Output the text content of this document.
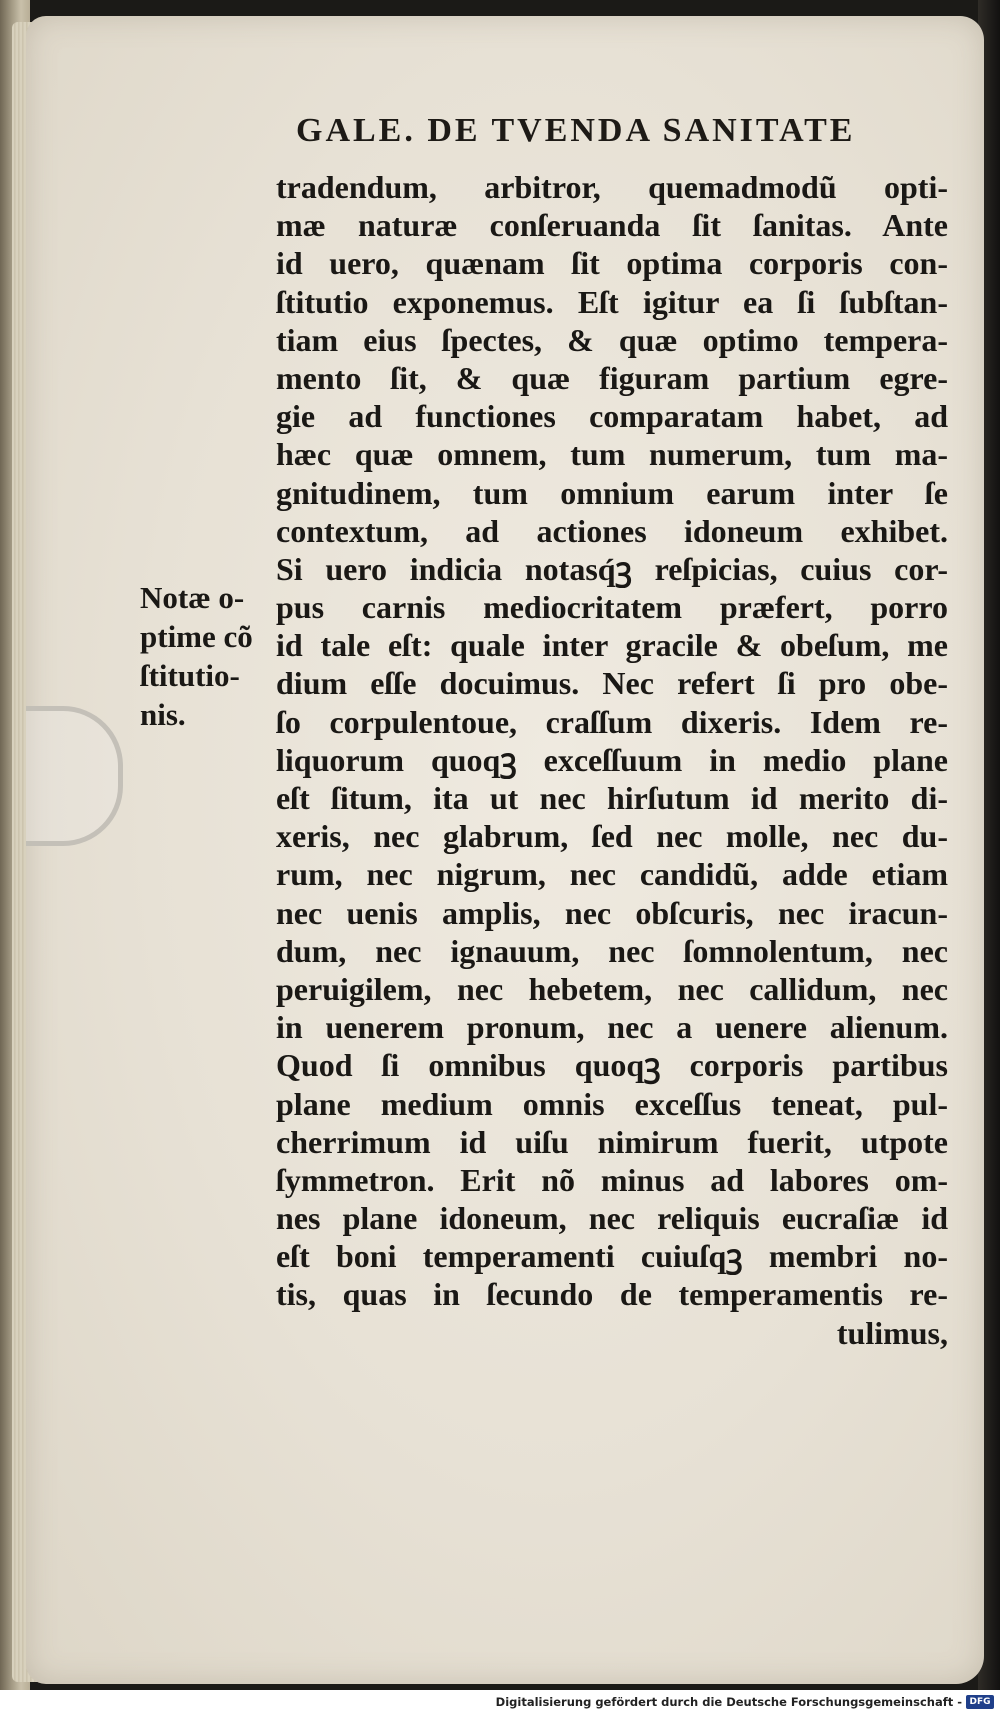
GALE. DE TVENDA SANITATE
Notæ o-
ptime cõ
ſtitutio-
nis.
tradendum, arbitror, quemadmodũ opti-
mæ naturæ conſeruanda ſit ſanitas. Ante
id uero, quænam ſit optima corporis con-
ſtitutio exponemus. Eſt igitur ea ſi ſubſtan-
tiam eius ſpectes, & quæ optimo tempera-
mento ſit, & quæ figuram partium egre-
gie ad functiones comparatam habet, ad
hæc quæ omnem, tum numerum, tum ma-
gnitudinem, tum omnium earum inter ſe
contextum, ad actiones idoneum exhibet.
Si uero indicia notasq́ꝫ reſpicias, cuius cor-
pus carnis mediocritatem præfert, porro
id tale eſt: quale inter gracile & obeſum, me
dium eſſe docuimus. Nec refert ſi pro obe-
ſo corpulentoue, craſſum dixeris. Idem re-
liquorum quoqꝫ exceſſuum in medio plane
eſt ſitum, ita ut nec hirſutum id merito di-
xeris, nec glabrum, ſed nec molle, nec du-
rum, nec nigrum, nec candidũ, adde etiam
nec uenis amplis, nec obſcuris, nec iracun-
dum, nec ignauum, nec ſomnolentum, nec
peruigilem, nec hebetem, nec callidum, nec
in uenerem pronum, nec a uenere alienum.
Quod ſi omnibus quoqꝫ corporis partibus
plane medium omnis exceſſus teneat, pul-
cherrimum id uiſu nimirum fuerit, utpote
ſymmetron. Erit nõ minus ad labores om-
nes plane idoneum, nec reliquis eucraſiæ id
eſt boni temperamenti cuiuſqꝫ membri no-
tis, quas in ſecundo de temperamentis re-
tulimus,
Digitalisierung gefördert durch die Deutsche Forschungsgemeinschaft - DFG
